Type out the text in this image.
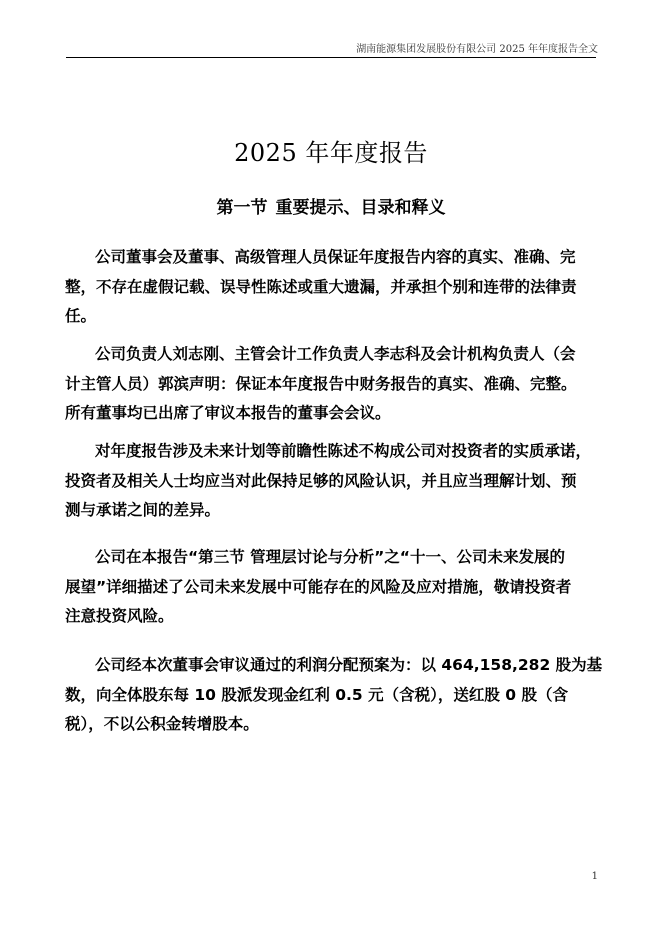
湖南能源集团发展股份有限公司 2025 年年度报告全文
2025 年年度报告
第一节 重要提示、目录和释义
公司董事会及董事、高级管理人员保证年度报告内容的真实、准确、完
整，不存在虚假记载、误导性陈述或重大遗漏，并承担个别和连带的法律责
任。
公司负责人刘志刚、主管会计工作负责人李志科及会计机构负责人（会
计主管人员）郭滨声明：保证本年度报告中财务报告的真实、准确、完整。
所有董事均已出席了审议本报告的董事会会议。
对年度报告涉及未来计划等前瞻性陈述不构成公司对投资者的实质承诺，
投资者及相关人士均应当对此保持足够的风险认识，并且应当理解计划、预
测与承诺之间的差异。
公司在本报告“第三节 管理层讨论与分析”之“十一、公司未来发展的
展望”详细描述了公司未来发展中可能存在的风险及应对措施，敬请投资者
注意投资风险。
公司经本次董事会审议通过的利润分配预案为：以 464,158,282 股为基
数，向全体股东每 10 股派发现金红利 0.5 元（含税），送红股 0 股（含
税），不以公积金转增股本。
1
